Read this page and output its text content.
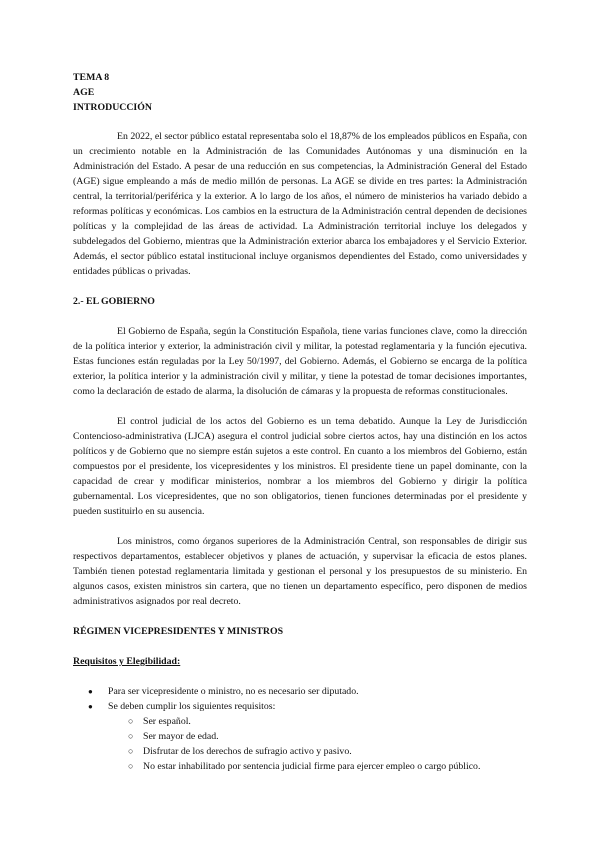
TEMA 8
AGE
INTRODUCCIÓN

En 2022, el sector público estatal representaba solo el 18,87% de los empleados públicos en España, con un crecimiento notable en la Administración de las Comunidades Autónomas y una disminución en la Administración del Estado. A pesar de una reducción en sus competencias, la Administración General del Estado (AGE) sigue empleando a más de medio millón de personas. La AGE se divide en tres partes: la Administración central, la territorial/periférica y la exterior. A lo largo de los años, el número de ministerios ha variado debido a reformas políticas y económicas. Los cambios en la estructura de la Administración central dependen de decisiones políticas y la complejidad de las áreas de actividad. La Administración territorial incluye los delegados y subdelegados del Gobierno, mientras que la Administración exterior abarca los embajadores y el Servicio Exterior. Además, el sector público estatal institucional incluye organismos dependientes del Estado, como universidades y entidades públicas o privadas.

2.- EL GOBIERNO

El Gobierno de España, según la Constitución Española, tiene varias funciones clave, como la dirección de la política interior y exterior, la administración civil y militar, la potestad reglamentaria y la función ejecutiva. Estas funciones están reguladas por la Ley 50/1997, del Gobierno. Además, el Gobierno se encarga de la política exterior, la política interior y la administración civil y militar, y tiene la potestad de tomar decisiones importantes, como la declaración de estado de alarma, la disolución de cámaras y la propuesta de reformas constitucionales.

El control judicial de los actos del Gobierno es un tema debatido. Aunque la Ley de Jurisdicción Contencioso-administrativa (LJCA) asegura el control judicial sobre ciertos actos, hay una distinción en los actos políticos y de Gobierno que no siempre están sujetos a este control. En cuanto a los miembros del Gobierno, están compuestos por el presidente, los vicepresidentes y los ministros. El presidente tiene un papel dominante, con la capacidad de crear y modificar ministerios, nombrar a los miembros del Gobierno y dirigir la política gubernamental. Los vicepresidentes, que no son obligatorios, tienen funciones determinadas por el presidente y pueden sustituirlo en su ausencia.

Los ministros, como órganos superiores de la Administración Central, son responsables de dirigir sus respectivos departamentos, establecer objetivos y planes de actuación, y supervisar la eficacia de estos planes. También tienen potestad reglamentaria limitada y gestionan el personal y los presupuestos de su ministerio. En algunos casos, existen ministros sin cartera, que no tienen un departamento específico, pero disponen de medios administrativos asignados por real decreto.

RÉGIMEN VICEPRESIDENTES Y MINISTROS
Requisitos y Elegibilidad:
● Para ser vicepresidente o ministro, no es necesario ser diputado.
● Se deben cumplir los siguientes requisitos:
○ Ser español.
○ Ser mayor de edad.
○ Disfrutar de los derechos de sufragio activo y pasivo.
○ No estar inhabilitado por sentencia judicial firme para ejercer empleo o cargo público.
